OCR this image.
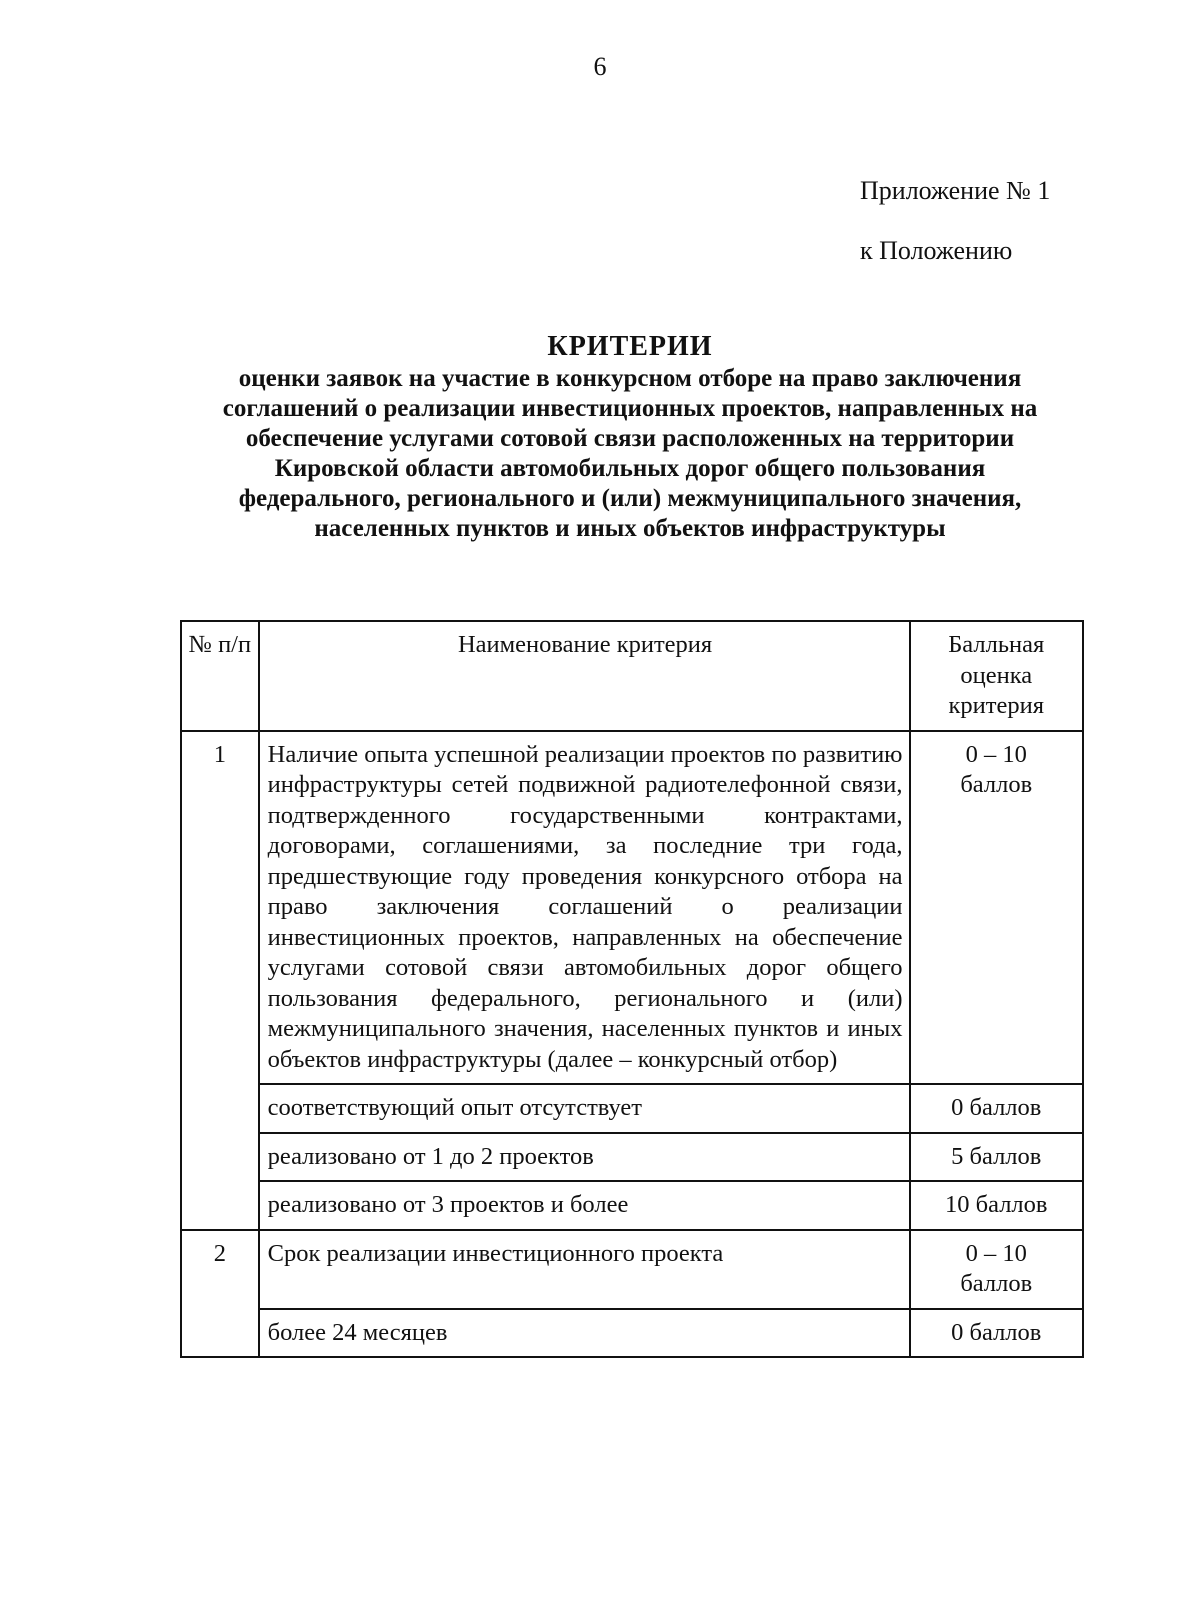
6
Приложение № 1
к Положению
КРИТЕРИИ
оценки заявок на участие в конкурсном отборе на право заключения
соглашений о реализации инвестиционных проектов, направленных на
обеспечение услугами сотовой связи расположенных на территории
Кировской области автомобильных дорог общего пользования
федерального, регионального и (или) межмуниципального значения,
населенных пунктов и иных объектов инфраструктуры
№ п/п	Наименование критерия	Балльная оценка критерия
1	Наличие опыта успешной реализации проектов по развитию инфраструктуры сетей подвижной радиотелефонной связи, подтвержденного государственными контрактами, договорами, соглашениями, за последние три года, предшествующие году проведения конкурсного отбора на право заключения соглашений о реализации инвестиционных проектов, направленных на обеспечение услугами сотовой связи автомобильных дорог общего пользования федерального, регионального и (или) межмуниципального значения, населенных пунктов и иных объектов инфраструктуры (далее – конкурсный отбор)	0 – 10
баллов
	соответствующий опыт отсутствует	0 баллов
	реализовано от 1 до 2 проектов	5 баллов
	реализовано от 3 проектов и более	10 баллов
2	Срок реализации инвестиционного проекта	0 – 10
баллов
	более 24 месяцев	0 баллов
